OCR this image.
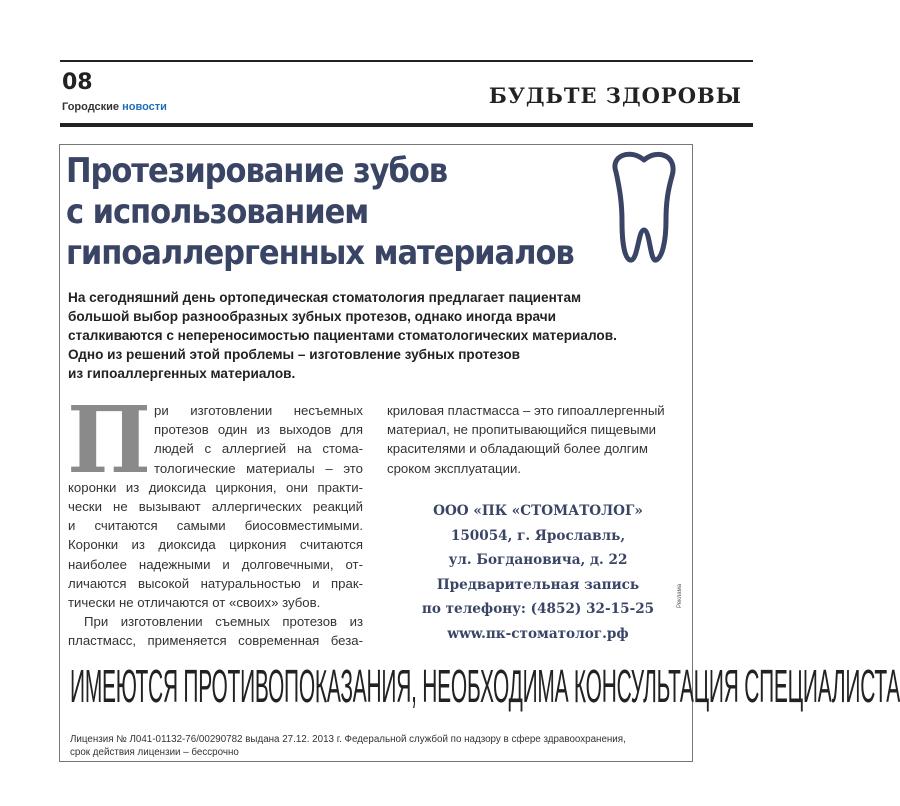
08
Городские новости	БУДЬТЕ ЗДОРОВЫ
Протезирование зубов
с использованием
гипоаллергенных материалов

На сегодняшний день ортопедическая стоматология предлагает пациентам
большой выбор разнообразных зубных протезов, однако иногда врачи
сталкиваются с непереносимостью пациентами стоматологических материалов.
Одно из решений этой проблемы – изготовление зубных протезов
из гипоаллергенных материалов.

П ри изготовлении несъемных
протезов один из выходов для
людей с аллергией на стома-
тологические материалы – это
коронки из диоксида циркония, они практи-
чески не вызывают аллергических реакций
и считаются самыми биосовместимыми.
Коронки из диоксида циркония считаются
наиболее надежными и долговечными, от-
личаются высокой натуральностью и прак-
тически не отличаются от «своих» зубов.
При изготовлении съемных протезов из
пластмасс, применяется современная беза-
криловая пластмасса – это гипоаллергенный
материал, не пропитывающийся пищевыми
красителями и обладающий более долгим
сроком эксплуатации.
ООО «ПК «СТОМАТОЛОГ»
150054, г. Ярославль,
ул. Богдановича, д. 22
Предварительная запись
по телефону: (4852) 32-15-25
www.пк-стоматолог.рф
Реклама
ИМЕЮТСЯ ПРОТИВОПОКАЗАНИЯ, НЕОБХОДИМА КОНСУЛЬТАЦИЯ СПЕЦИАЛИСТА

Лицензия № Л041-01132-76/00290782 выдана 27.12. 2013 г. Федеральной службой по надзору в сфере здравоохранения,
срок действия лицензии – бессрочно
